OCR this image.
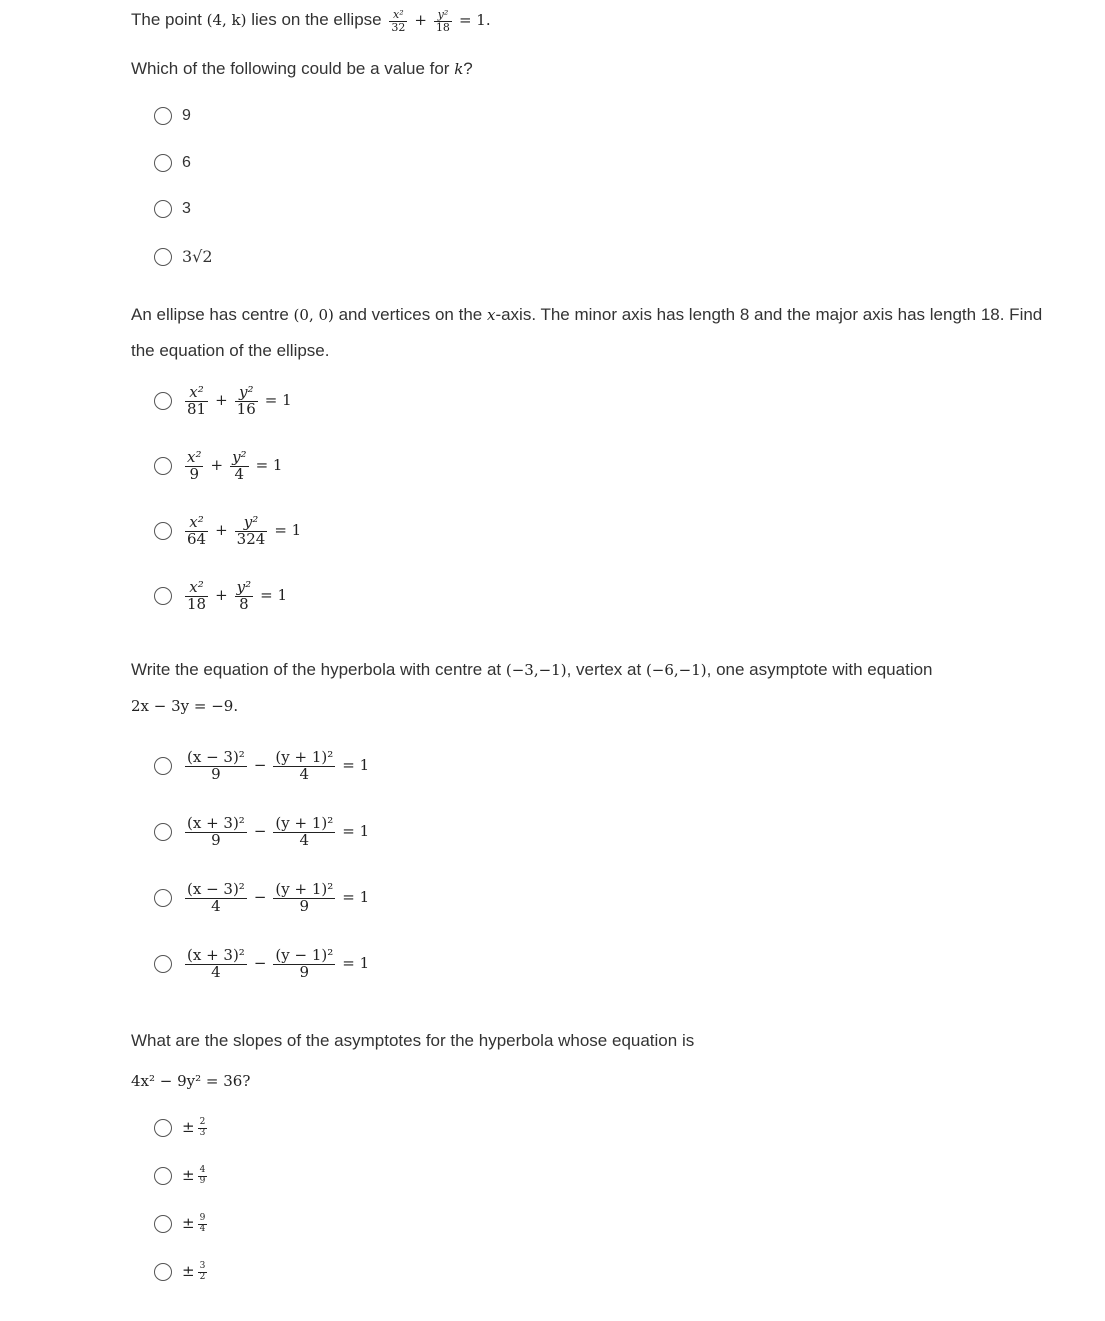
The point (4, k) lies on the ellipse $\frac{\text{x²}}{32} + \frac{\text{y²}}{18} = 1$.

Which of the following could be a value for k?

9
6
3
3√2

An ellipse has centre (0, 0) and vertices on the x-axis. The minor axis has length 8 and the major axis has length 18. Find the equation of the ellipse.

$\frac{\text{x²}}{81} + \frac{\text{y²}}{16} = 1$
$\frac{\text{x²}}{9} + \frac{\text{y²}}{4} = 1$
$\frac{\text{x²}}{64} + \frac{\text{y²}}{324} = 1$
$\frac{\text{x²}}{18} + \frac{\text{y²}}{8} = 1$

Write the equation of the hyperbola with centre at (−3,−1), vertex at (−6,−1), one asymptote with equation
2x − 3y = −9.

$\frac{\text{(x − 3)²}}{9} - \frac{\text{(y + 1)²}}{4} = 1$
$\frac{\text{(x + 3)²}}{9} - \frac{\text{(y + 1)²}}{4} = 1$
$\frac{\text{(x − 3)²}}{4} - \frac{\text{(y + 1)²}}{9} = 1$
$\frac{\text{(x + 3)²}}{4} - \frac{\text{(y − 1)²}}{9} = 1$

What are the slopes of the asymptotes for the hyperbola whose equation is
4x² − 9y² = 36?

± $\frac{2}{3}$
± $\frac{4}{9}$
± $\frac{9}{4}$
± $\frac{3}{2}$
